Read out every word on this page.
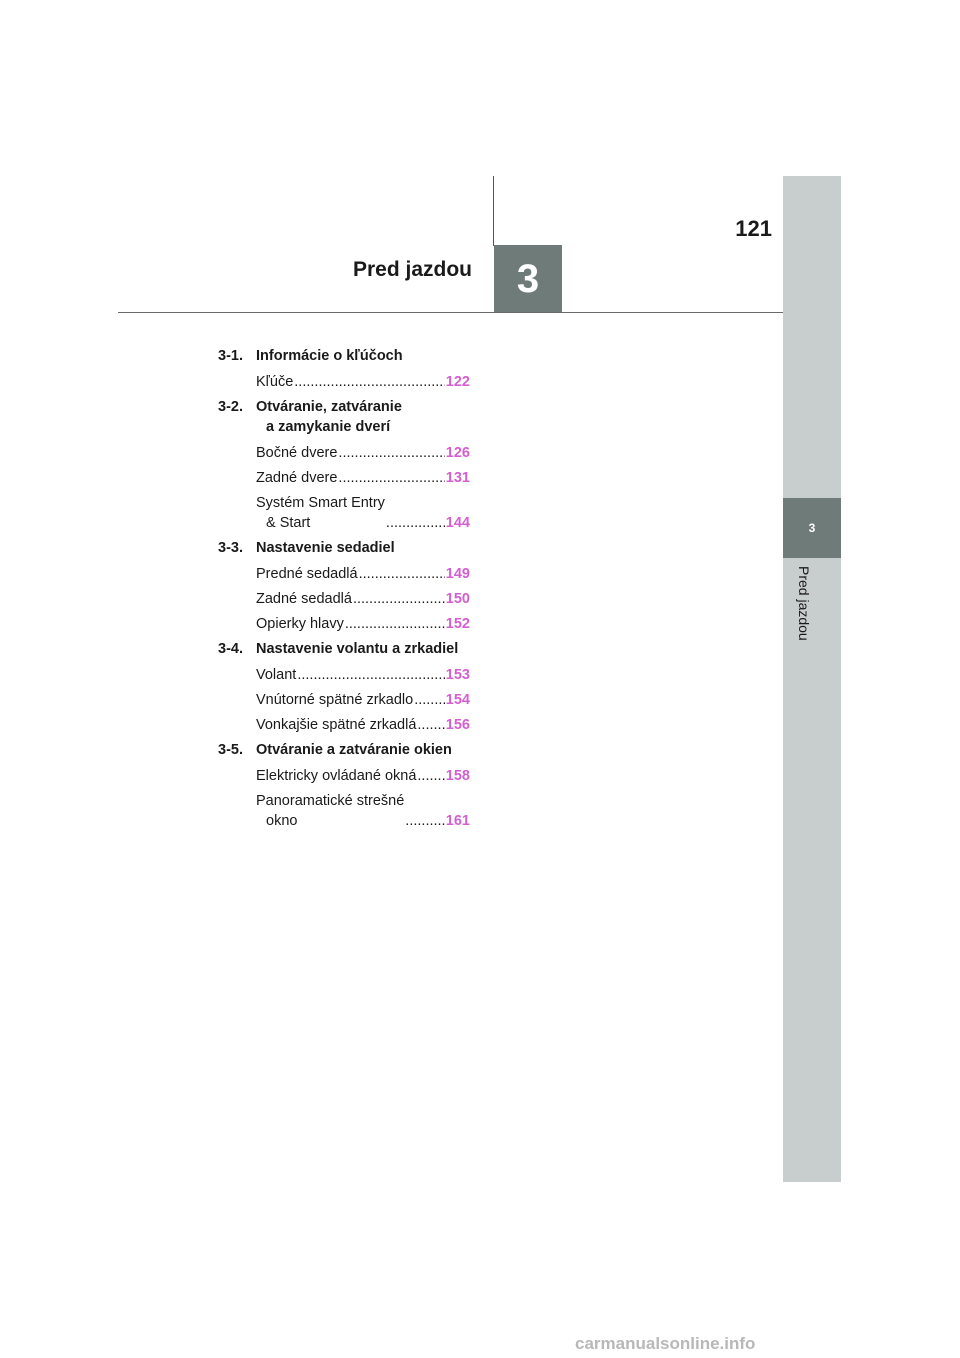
121
Pred jazdou	3
3
Pred jazdou
3-1. Informácie o kľúčoch
Kľúče .....	122
3-2. Otváranie, zatváranie
a zamykanie dverí
Bočné dvere .....	126
Zadné dvere .....	131
Systém Smart Entry
& Start .....	144
3-3. Nastavenie sedadiel
Predné sedadlá .....	149
Zadné sedadlá .....	150
Opierky hlavy .....	152
3-4. Nastavenie volantu a zrkadiel
Volant .....	153
Vnútorné spätné zrkadlo ..... 154
Vonkajšie spätné zrkadlá ..... 156
3-5. Otváranie a zatváranie okien
Elektricky ovládané okná ..... 158
Panoramatické strešné
okno .....	161
carmanualsonline.info
